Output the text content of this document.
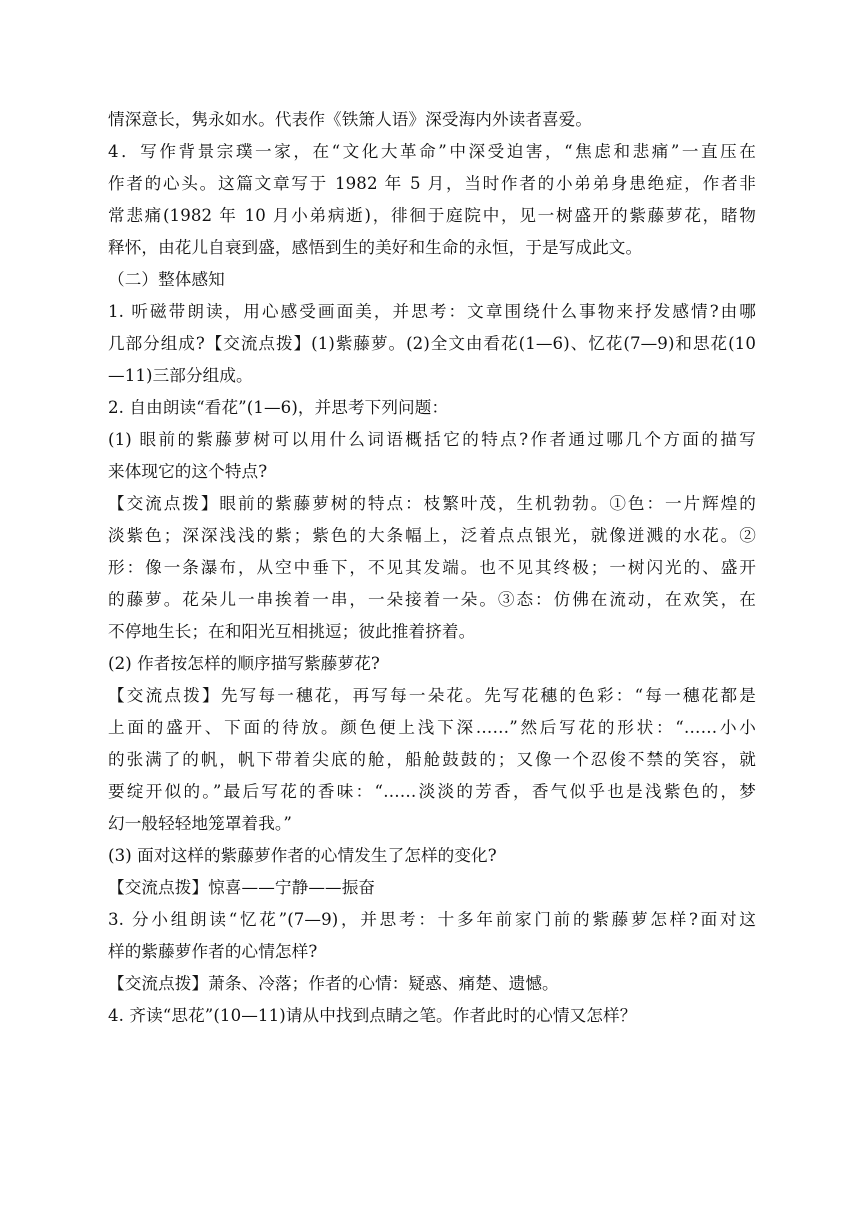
情深意长，隽永如水。代表作《铁箫人语》深受海内外读者喜爱。
4．写作背景宗璞一家，在“文化大革命”中深受迫害，“焦虑和悲痛”一直压在
作者的心头。这篇文章写于 1982 年 5 月，当时作者的小弟弟身患绝症，作者非
常悲痛(1982 年 10 月小弟病逝)，徘徊于庭院中，见一树盛开的紫藤萝花，睹物
释怀，由花儿自衰到盛，感悟到生的美好和生命的永恒，于是写成此文。
（二）整体感知
1. 听磁带朗读，用心感受画面美，并思考：文章围绕什么事物来抒发感情?由哪
几部分组成?【交流点拨】(1)紫藤萝。(2)全文由看花(1—6)、忆花(7—9)和思花(10
—11)三部分组成。
2. 自由朗读“看花”(1—6)，并思考下列问题：
(1) 眼前的紫藤萝树可以用什么词语概括它的特点?作者通过哪几个方面的描写
来体现它的这个特点?
【交流点拨】眼前的紫藤萝树的特点：枝繁叶茂，生机勃勃。①色：一片辉煌的
淡紫色；深深浅浅的紫；紫色的大条幅上，泛着点点银光，就像迸溅的水花。②
形：像一条瀑布，从空中垂下，不见其发端。也不见其终极；一树闪光的、盛开
的藤萝。花朵儿一串挨着一串，一朵接着一朵。③态：仿佛在流动，在欢笑，在
不停地生长；在和阳光互相挑逗；彼此推着挤着。
(2) 作者按怎样的顺序描写紫藤萝花?
【交流点拨】先写每一穗花，再写每一朵花。先写花穗的色彩：“每一穗花都是
上面的盛开、下面的待放。颜色便上浅下深……”然后写花的形状：“……小小
的张满了的帆，帆下带着尖底的舱，船舱鼓鼓的；又像一个忍俊不禁的笑容，就
要绽开似的。”最后写花的香味：“……淡淡的芳香，香气似乎也是浅紫色的，梦
幻一般轻轻地笼罩着我。”
(3) 面对这样的紫藤萝作者的心情发生了怎样的变化?
【交流点拨】惊喜——宁静——振奋
3. 分小组朗读“忆花”(7—9)，并思考：十多年前家门前的紫藤萝怎样?面对这
样的紫藤萝作者的心情怎样?
【交流点拨】萧条、冷落；作者的心情：疑惑、痛楚、遗憾。
4. 齐读“思花”(10—11)请从中找到点睛之笔。作者此时的心情又怎样？
